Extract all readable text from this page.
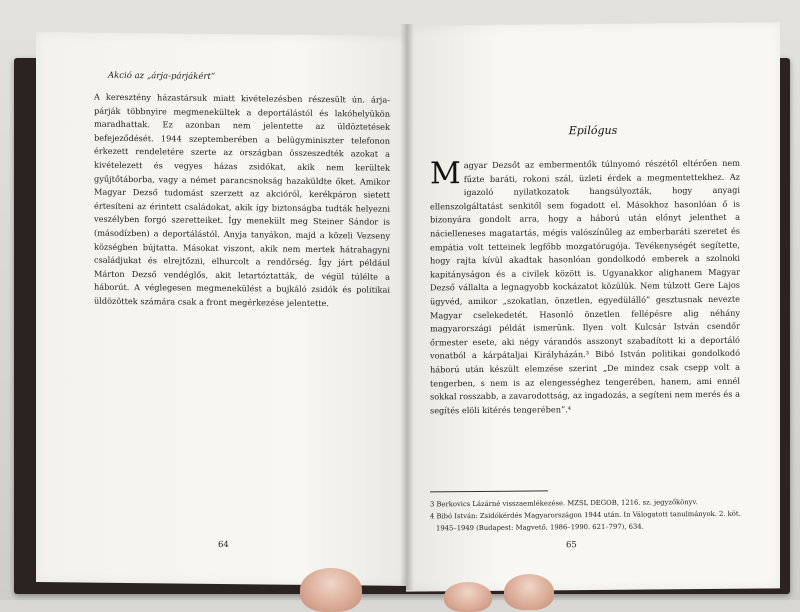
Akció az „árja-párjákért”

A keresztény házastársuk miatt kivételezésben részesült ún. árja-párják többnyire megmenekültek a deportálástól és lakóhelyükön maradhattak. Ez azonban nem jelentette az üldöztetések befejeződését. 1944 szeptemberében a belügyminiszter telefonon érkezett rendeletére szerte az országban összeszedték azokat a kivételezett és vegyes házas zsidókat, akik nem kerültek gyűjtőtáborba, vagy a német parancsnokság hazaküldte őket. Amikor Magyar Dezső tudomást szerzett az akcióról, kerékpáron sietett értesíteni az érintett családokat, akik így biztonságba tudták helyezni veszélyben forgó szeretteiket. Így menekült meg Steiner Sándor is (másodízben) a deportálástól. Anyja tanyákon, majd a közeli Vezseny községben bújtatta. Másokat viszont, akik nem mertek hátrahagyni családjukat és elrejtőzni, elhurcolt a rendőrség. Így járt például Márton Dezső vendéglős, akit letartóztatták, de végül túlélte a háborút. A véglegesen megmenekülést a bujkáló zsidók és politikai üldözöttek számára csak a front megérkezése jelentette.

64
Epilógus

Magyar Dezsőt az embermentők túlnyomó részétől eltérően nem fűzte baráti, rokoni szál, üzleti érdek a megmentettekhez. Az igazoló nyilatkozatok hangsúlyozták, hogy anyagi ellenszolgáltatást senkitől sem fogadott el. Másokhoz hasonlóan ő is bizonyára gondolt arra, hogy a háború után előnyt jelenthet a nácielleneses magatartás, mégis valószínűleg az emberbaráti szeretet és empátia volt tetteinek legfőbb mozgatórugója. Tevékenységét segítette, hogy rajta kívül akadtak hasonlóan gondolkodó emberek a szolnoki kapitányságon és a civilek között is. Ugyanakkor alighanem Magyar Dezső vállalta a legnagyobb kockázatot közülük. Nem túlzott Gere Lajos ügyvéd, amikor „szokatlan, önzetlen, egyedülálló” gesztusnak nevezte Magyar cselekedetét. Hasonló önzetlen fellépésre alig néhány magyarországi példát ismerünk. Ilyen volt Kulcsár István csendőr őrmester esete, aki négy várandós asszonyt szabadított ki a deportáló vonatból a kárpátaljai Királyházán.³ Bibó István politikai gondolkodó háború után készült elemzése szerint „De mindez csak csepp volt a tengerben, s nem is az elengességhez tengerében, hanem, ami ennél sokkal rosszabb, a zavarodottság, az ingadozás, a segíteni nem merés és a segítés elöli kitérés tengerében”.⁴

3 Berkovics Lázárné visszaemlékezése. MZSL DEGOB, 1216. sz. jegyzőkönyv.
4 Bibó István: Zsidókérdés Magyarországon 1944 után. In Válogatott tanulmányok. 2. köt.
1945–1949 (Budapest: Magvető, 1986–1990. 621–797), 634.
65
